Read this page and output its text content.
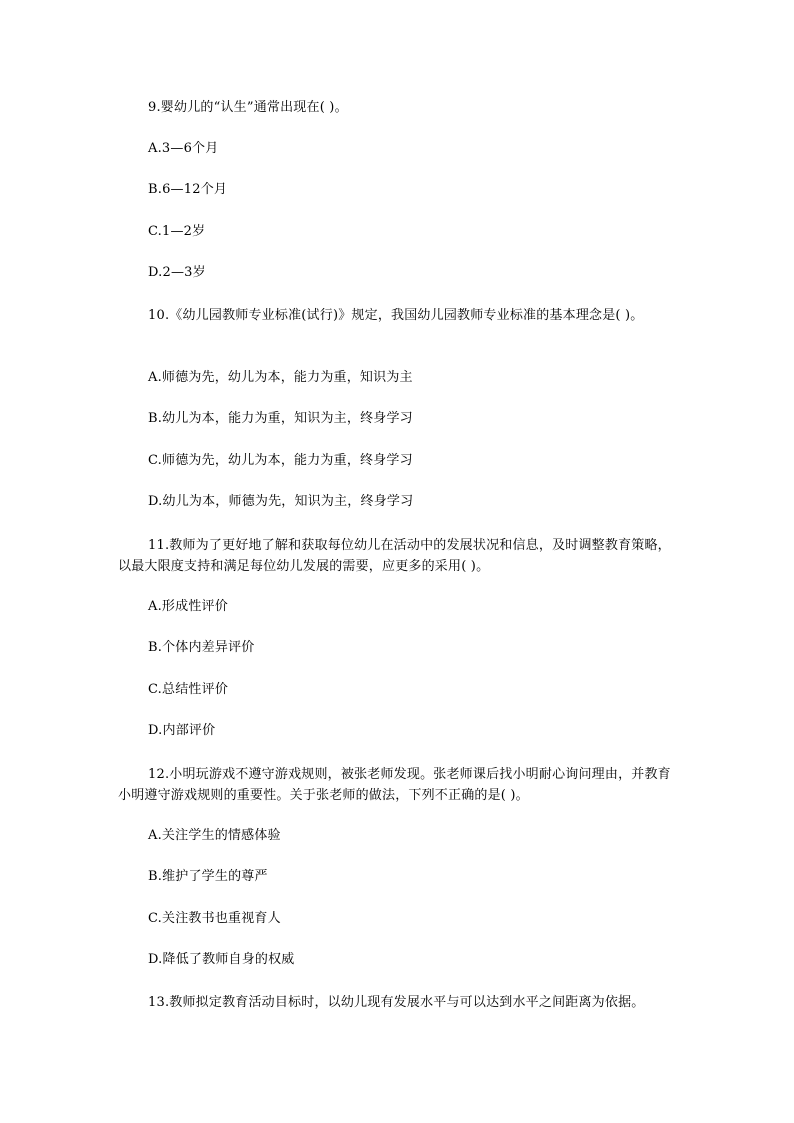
9.婴幼儿的“认生”通常出现在( )。
A.3—6个月
B.6—12个月
C.1—2岁
D.2—3岁
10.《幼儿园教师专业标准(试行)》规定，我国幼儿园教师专业标准的基本理念是( )。
A.师德为先，幼儿为本，能力为重，知识为主
B.幼儿为本，能力为重，知识为主，终身学习
C.师德为先，幼儿为本，能力为重，终身学习
D.幼儿为本，师德为先，知识为主，终身学习
11.教师为了更好地了解和获取每位幼儿在活动中的发展状况和信息，及时调整教育策略，以最大限度支持和满足每位幼儿发展的需要，应更多的采用( )。
A.形成性评价
B.个体内差异评价
C.总结性评价
D.内部评价
12.小明玩游戏不遵守游戏规则，被张老师发现。张老师课后找小明耐心询问理由，并教育小明遵守游戏规则的重要性。关于张老师的做法，下列不正确的是( )。
A.关注学生的情感体验
B.维护了学生的尊严
C.关注教书也重视育人
D.降低了教师自身的权威
13.教师拟定教育活动目标时，以幼儿现有发展水平与可以达到水平之间距离为依据。
